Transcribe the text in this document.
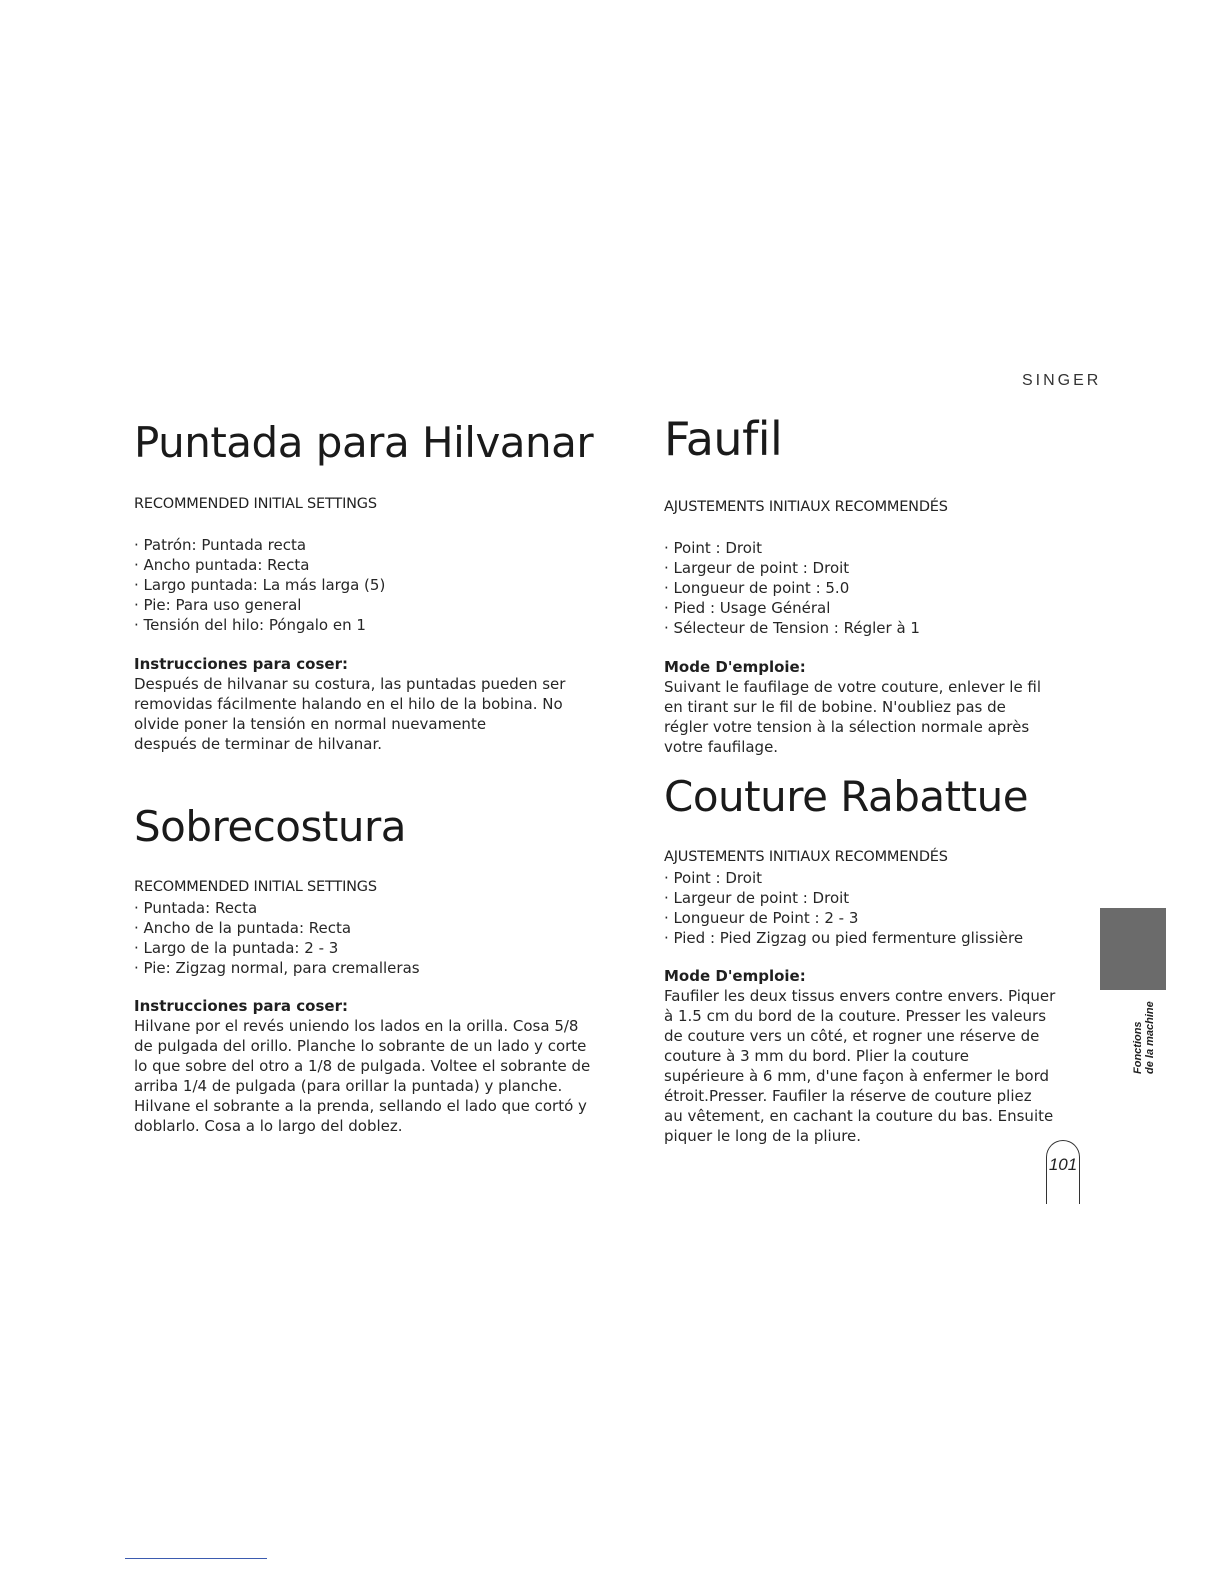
SINGER
Puntada para Hilvanar
RECOMMENDED INITIAL SETTINGS
· Patrón: Puntada recta
· Ancho puntada: Recta
· Largo puntada: La más larga (5)
· Pie: Para uso general
· Tensión del hilo: Póngalo en 1
Instrucciones para coser:
Después de hilvanar su costura, las puntadas pueden ser
removidas fácilmente halando en el hilo de la bobina. No
olvide poner la tensión en normal nuevamente
después de terminar de hilvanar.
Sobrecostura
RECOMMENDED INITIAL SETTINGS
· Puntada: Recta
· Ancho de la puntada: Recta
· Largo de la puntada: 2 - 3
· Pie: Zigzag normal, para cremalleras
Instrucciones para coser:
Hilvane por el revés uniendo los lados en la orilla. Cosa 5/8
de pulgada del orillo. Planche lo sobrante de un lado y corte
lo que sobre del otro a 1/8 de pulgada. Voltee el sobrante de
arriba 1/4 de pulgada (para orillar la puntada) y planche.
Hilvane el sobrante a la prenda, sellando el lado que cortó y
doblarlo. Cosa a lo largo del doblez.
Faufil
AJUSTEMENTS INITIAUX RECOMMENDÉS
· Point : Droit
· Largeur de point : Droit
· Longueur de point : 5.0
· Pied : Usage Général
· Sélecteur de Tension : Régler à 1
Mode D'emploie:
Suivant le faufilage de votre couture, enlever le fil
en tirant sur le fil de bobine. N'oubliez pas de
régler votre tension à la sélection normale après
votre faufilage.
Couture Rabattue
AJUSTEMENTS INITIAUX RECOMMENDÉS
· Point : Droit
· Largeur de point : Droit
· Longueur de Point : 2 - 3
· Pied : Pied Zigzag ou pied fermenture glissière
Mode D'emploie:
Faufiler les deux tissus envers contre envers. Piquer
à 1.5 cm du bord de la couture. Presser les valeurs
de couture vers un côté, et rogner une réserve de
couture à 3 mm du bord. Plier la couture
supérieure à 6 mm, d'une façon à enfermer le bord
étroit.Presser. Faufiler la réserve de couture pliez
au vêtement, en cachant la couture du bas. Ensuite
piquer le long de la pliure.
Funciones de la máquina Fonctions de la machine
101
